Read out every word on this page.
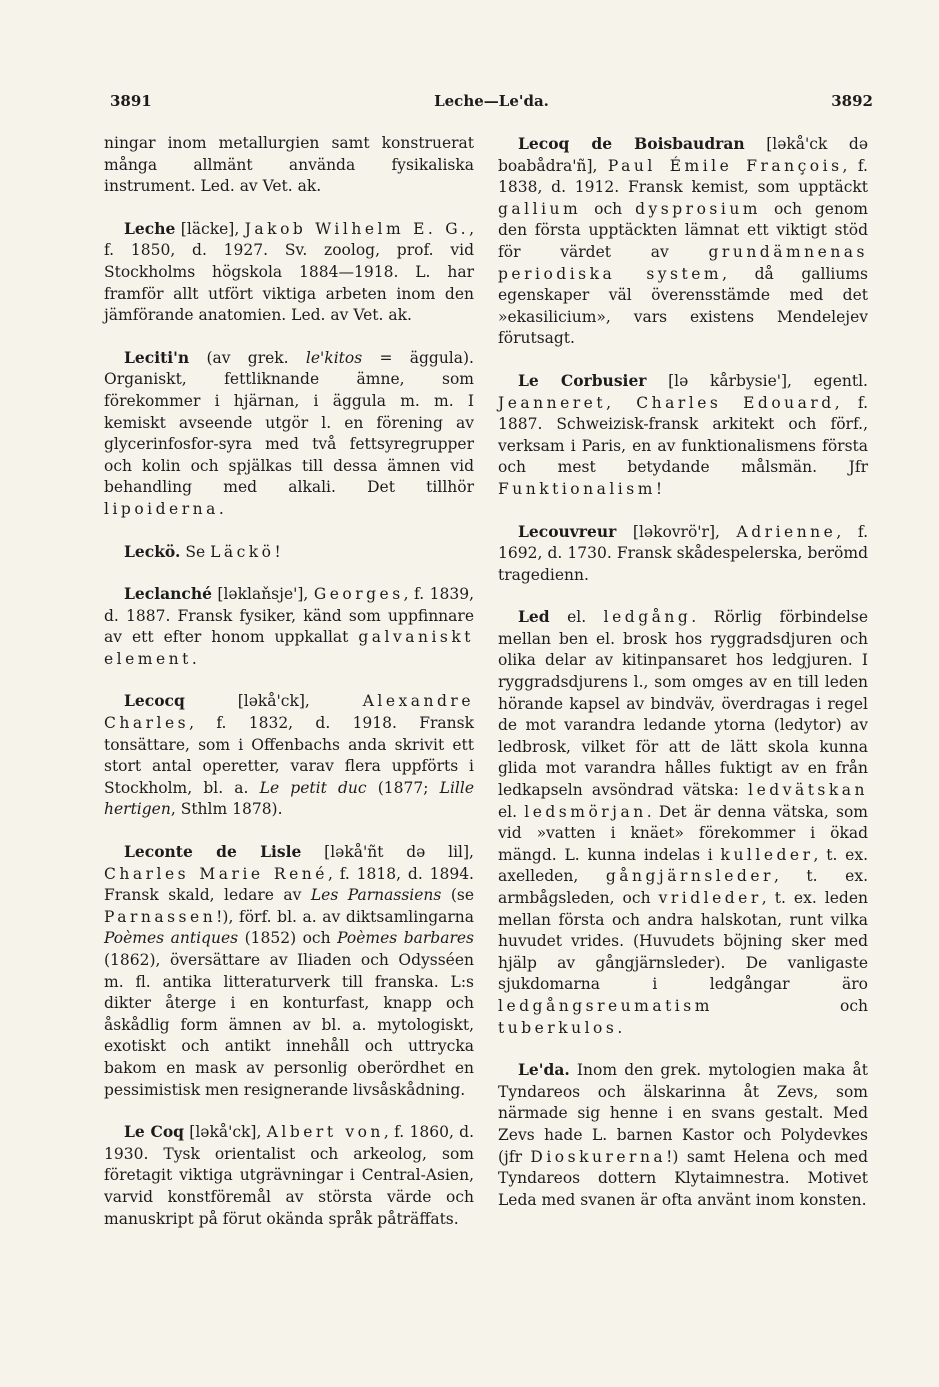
3891	Leche—Le'da.	3892

ningar inom metallurgien samt konstruerat många allmänt använda fysikaliska instrument. Led. av Vet. ak.

Leche [läcke], Jakob Wilhelm E. G., f. 1850, d. 1927. Sv. zoolog, prof. vid Stockholms högskola 1884—1918. L. har framför allt utfört viktiga arbeten inom den jämförande anatomien. Led. av Vet. ak.

Leciti'n (av grek. le'kitos = äggula). Organiskt, fettliknande ämne, som förekommer i hjärnan, i äggula m. m. I kemiskt avseende utgör l. en förening av glycerinfosfor-syra med två fettsyregrupper och kolin och spjälkas till dessa ämnen vid behandling med alkali. Det tillhör lipoiderna.

Leckö. Se Läckö!

Leclanché [ləklaňsje'], Georges, f. 1839, d. 1887. Fransk fysiker, känd som uppfinnare av ett efter honom uppkallat galvaniskt element.

Lecocq [ləkå'ck], Alexandre Charles, f. 1832, d. 1918. Fransk tonsättare, som i Offenbachs anda skrivit ett stort antal operetter, varav flera uppförts i Stockholm, bl. a. Le petit duc (1877; Lille hertigen, Sthlm 1878).

Leconte de Lisle [ləkå'ñt də lil], Charles Marie René, f. 1818, d. 1894. Fransk skald, ledare av Les Parnassiens (se Parnassen!), förf. bl. a. av diktsamlingarna Poèmes antiques (1852) och Poèmes barbares (1862), översättare av Iliaden och Odysséen m. fl. antika litteraturverk till franska. L:s dikter återge i en konturfast, knapp och åskådlig form ämnen av bl. a. mytologiskt, exotiskt och antikt innehåll och uttrycka bakom en mask av personlig oberördhet en pessimistisk men resignerande livsåskådning.

Le Coq [ləkå'ck], Albert von, f. 1860, d. 1930. Tysk orientalist och arkeolog, som företagit viktiga utgrävningar i Central-Asien, varvid konstföremål av största värde och manuskript på förut okända språk påträffats.

Lecoq de Boisbaudran [ləkå'ck də boabådra'ñ], Paul Émile François, f. 1838, d. 1912. Fransk kemist, som upptäckt gallium och dysprosium och genom den första upptäckten lämnat ett viktigt stöd för värdet av grundämnenas periodiska system, då galliums egenskaper väl överensstämde med det »ekasilicium», vars existens Mendelejev förutsagt.

Le Corbusier [lə kårbysie'], egentl. Jeanneret, Charles Edouard, f. 1887. Schweizisk-fransk arkitekt och förf., verksam i Paris, en av funktionalismens första och mest betydande målsmän. Jfr Funktionalism!

Lecouvreur [ləkovrö'r], Adrienne, f. 1692, d. 1730. Fransk skådespelerska, berömd tragedienn.

Led el. ledgång. Rörlig förbindelse mellan ben el. brosk hos ryggradsdjuren och olika delar av kitinpansaret hos ledgjuren. I ryggradsdjurens l., som omges av en till leden hörande kapsel av bindväv, överdragas i regel de mot varandra ledande ytorna (ledytor) av ledbrosk, vilket för att de lätt skola kunna glida mot varandra hålles fuktigt av en från ledkapseln avsöndrad vätska: ledvätskan el. ledsmörjan. Det är denna vätska, som vid »vatten i knäet» förekommer i ökad mängd. L. kunna indelas i kulleder, t. ex. axelleden, gångjärnsleder, t. ex. armbågsleden, och vridleder, t. ex. leden mellan första och andra halskotan, runt vilka huvudet vrides. (Huvudets böjning sker med hjälp av gångjärnsleder). De vanligaste sjukdomarna i ledgångar äro ledgångsreumatism och tuberkulos.

Le'da. Inom den grek. mytologien maka åt Tyndareos och älskarinna åt Zevs, som närmade sig henne i en svans gestalt. Med Zevs hade L. barnen Kastor och Polydevkes (jfr Dioskurerna!) samt Helena och med Tyndareos dottern Klytaimnestra. Motivet Leda med svanen är ofta använt inom konsten.
